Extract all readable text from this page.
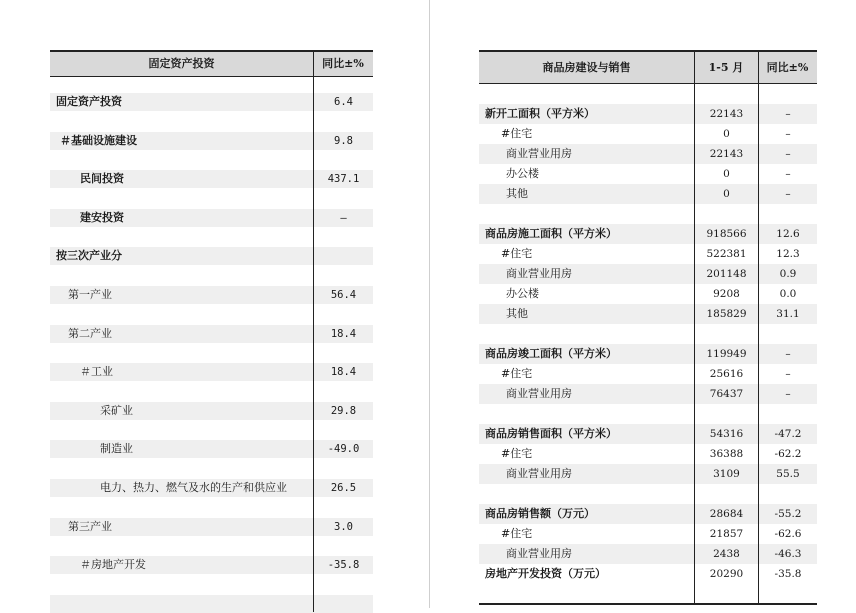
固定资产投资	同比±%
固定资产投资	6.4
＃基础设施建设	9.8
民间投资	437.1
建安投资	–
按三次产业分
第一产业	56.4
第二产业	18.4
＃工业	18.4
采矿业	29.8
制造业	-49.0
电力、热力、燃气及水的生产和供应业	26.5
第三产业	3.0
＃房地产开发	-35.8
商品房建设与销售	1-5 月	同比±%
新开工面积（平方米）	22143	–
#住宅	0	–
商业营业用房	22143	–
办公楼	0	–
其他	0	–
商品房施工面积（平方米）	918566	12.6
#住宅	522381	12.3
商业营业用房	201148	0.9
办公楼	9208	0.0
其他	185829	31.1
商品房竣工面积（平方米）	119949	–
#住宅	25616	–
商业营业用房	76437	–
商品房销售面积（平方米）	54316	-47.2
#住宅	36388	-62.2
商业营业用房	3109	55.5
商品房销售额（万元）	28684	-55.2
#住宅	21857	-62.6
商业营业用房	2438	-46.3
房地产开发投资（万元）	20290	-35.8
